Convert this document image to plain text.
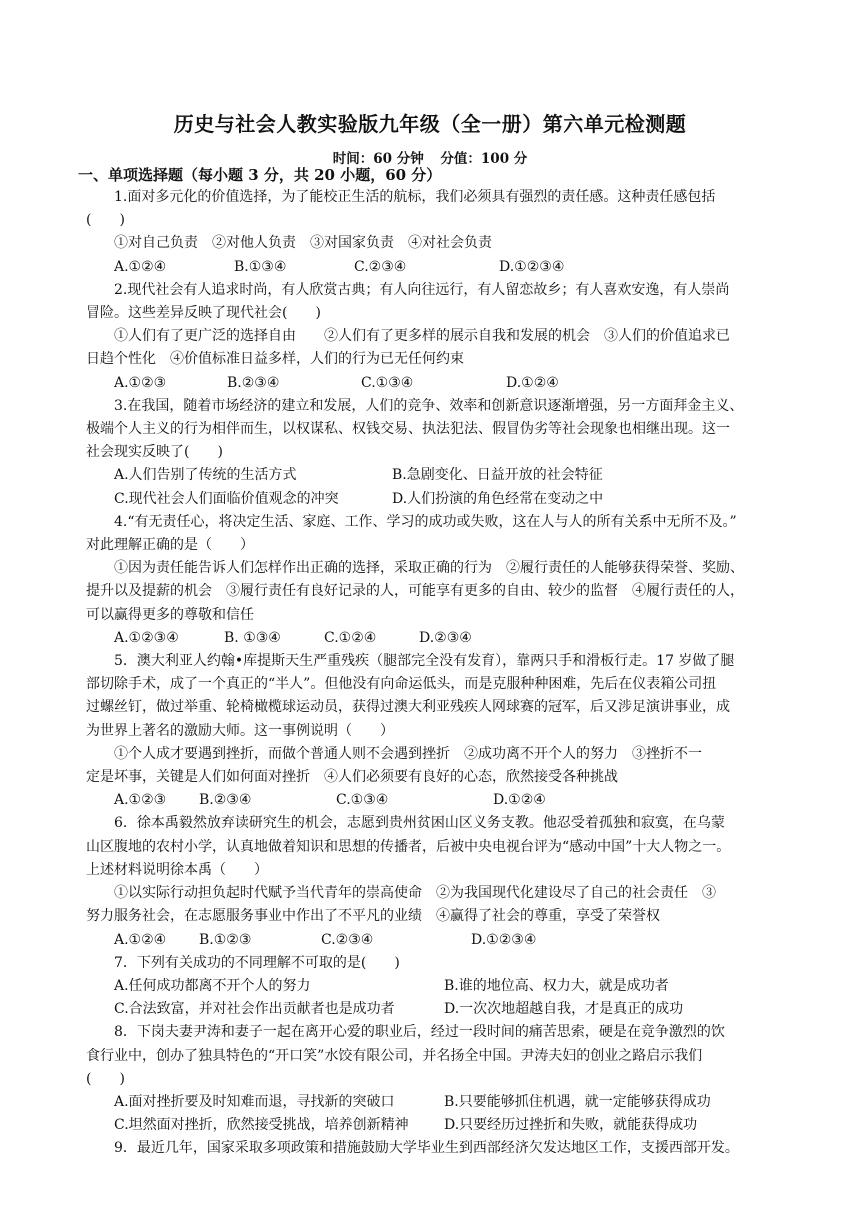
历史与社会人教实验版九年级（全一册）第六单元检测题
时间：60 分钟 分值：100 分
一、单项选择题（每小题 3 分，共 20 小题，60 分）
1.面对多元化的价值选择，为了能校正生活的航标，我们必须具有强烈的责任感。这种责任感包括
(　　)
①对自己负责　②对他人负责　③对国家负责　④对社会负责
A.①②④	B.①③④	C.②③④	D.①②③④
2.现代社会有人追求时尚，有人欣赏古典；有人向往远行，有人留恋故乡；有人喜欢安逸，有人崇尚
冒险。这些差异反映了现代社会(　　)
①人们有了更广泛的选择自由　　②人们有了更多样的展示自我和发展的机会　③人们的价值追求已
日趋个性化　④价值标准日益多样，人们的行为已无任何约束
A.①②③	B.②③④	C.①③④	D.①②④
3.在我国，随着市场经济的建立和发展，人们的竞争、效率和创新意识逐渐增强，另一方面拜金主义、
极端个人主义的行为相伴而生，以权谋私、权钱交易、执法犯法、假冒伪劣等社会现象也相继出现。这一
社会现实反映了(　　)
A.人们告别了传统的生活方式	B.急剧变化、日益开放的社会特征
C.现代社会人们面临价值观念的冲突	D.人们扮演的角色经常在变动之中
4.“有无责任心，将决定生活、家庭、工作、学习的成功或失败，这在人与人的所有关系中无所不及。”
对此理解正确的是（　　）
①因为责任能告诉人们怎样作出正确的选择，采取正确的行为　②履行责任的人能够获得荣誉、奖励、
提升以及提薪的机会　③履行责任有良好记录的人，可能享有更多的自由、较少的监督　④履行责任的人，
可以赢得更多的尊敬和信任
A.①②③④	B. ①③④	C.①②④	D.②③④
5．澳大利亚人约翰•库提斯天生严重残疾（腿部完全没有发育），靠两只手和滑板行走。17 岁做了腿
部切除手术，成了一个真正的“半人”。但他没有向命运低头，而是克服种种困难，先后在仪表箱公司扭
过螺丝钉，做过举重、轮椅橄榄球运动员，获得过澳大利亚残疾人网球赛的冠军，后又涉足演讲事业，成
为世界上著名的激励大师。这一事例说明（　　）
①个人成才要遇到挫折，而做个普通人则不会遇到挫折　②成功离不开个人的努力　③挫折不一
定是坏事，关键是人们如何面对挫折　④人们必须要有良好的心态，欣然接受各种挑战
A.①②③	B.②③④	C.①③④	D.①②④
6．徐本禹毅然放弃读研究生的机会，志愿到贵州贫困山区义务支教。他忍受着孤独和寂寞，在乌蒙
山区腹地的农村小学，认真地做着知识和思想的传播者，后被中央电视台评为“感动中国”十大人物之一。
上述材料说明徐本禹（　　）
①以实际行动担负起时代赋予当代青年的崇高使命　②为我国现代化建设尽了自己的社会责任　③
努力服务社会，在志愿服务事业中作出了不平凡的业绩　④赢得了社会的尊重，享受了荣誉权
A.①②④	B.①②③	C.②③④	D.①②③④
7．下列有关成功的不同理解不可取的是(　　)
A.任何成功都离不开个人的努力	B.谁的地位高、权力大，就是成功者
C.合法致富，并对社会作出贡献者也是成功者	D.一次次地超越自我，才是真正的成功
8．下岗夫妻尹涛和妻子一起在离开心爱的职业后，经过一段时间的痛苦思索，硬是在竞争激烈的饮
食行业中，创办了独具特色的“开口笑”水饺有限公司，并名扬全中国。尹涛夫妇的创业之路启示我们
(　　)
A.面对挫折要及时知难而退，寻找新的突破口	B.只要能够抓住机遇，就一定能够获得成功
C.坦然面对挫折，欣然接受挑战，培养创新精神	D.只要经历过挫折和失败，就能获得成功
9．最近几年，国家采取多项政策和措施鼓励大学毕业生到西部经济欠发达地区工作，支援西部开发。
